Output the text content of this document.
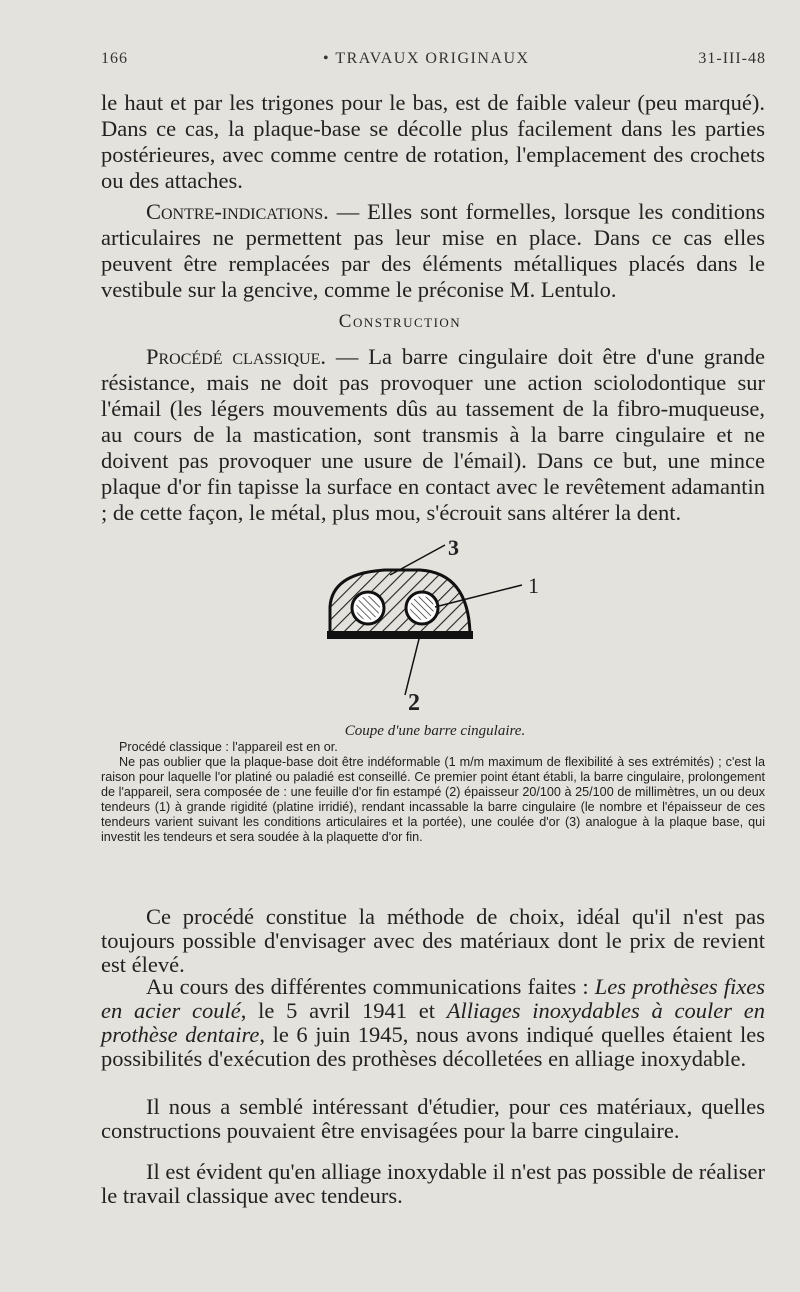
166	• TRAVAUX ORIGINAUX	31-III-48

le haut et par les trigones pour le bas, est de faible valeur (peu marqué). Dans ce cas, la plaque-base se décolle plus facilement dans les parties postérieures, avec comme centre de rotation, l'emplacement des crochets ou des attaches.

Contre-indications. — Elles sont formelles, lorsque les conditions articulaires ne permettent pas leur mise en place. Dans ce cas elles peuvent être remplacées par des éléments métalliques placés dans le vestibule sur la gencive, comme le préconise M. Lentulo.

Construction

Procédé classique. — La barre cingulaire doit être d'une grande résistance, mais ne doit pas provoquer une action sciolodontique sur l'émail (les légers mouvements dûs au tassement de la fibro-muqueuse, au cours de la mastication, sont transmis à la barre cingulaire et ne doivent pas provoquer une usure de l'émail). Dans ce but, une mince plaque d'or fin tapisse la surface en contact avec le revêtement adamantin ; de cette façon, le métal, plus mou, s'écrouit sans altérer la dent.

3
1
2
Coupe d'une barre cingulaire.

Procédé classique : l'appareil est en or.
Ne pas oublier que la plaque-base doit être indéformable (1 m/m maximum de flexibilité à ses extrémités) ; c'est la raison pour laquelle l'or platiné ou paladié est conseillé. Ce premier point étant établi, la barre cingulaire, prolongement de l'appareil, sera composée de : une feuille d'or fin estampé (2) épaisseur 20/100 à 25/100 de millimètres, un ou deux tendeurs (1) à grande rigidité (platine irridié), rendant incassable la barre cingulaire (le nombre et l'épaisseur de ces tendeurs varient suivant les conditions articulaires et la portée), une coulée d'or (3) analogue à la plaque base, qui investit les tendeurs et sera soudée à la plaquette d'or fin.

Ce procédé constitue la méthode de choix, idéal qu'il n'est pas toujours possible d'envisager avec des matériaux dont le prix de revient est élevé.

Au cours des différentes communications faites : Les prothèses fixes en acier coulé, le 5 avril 1941 et Alliages inoxydables à couler en prothèse dentaire, le 6 juin 1945, nous avons indiqué quelles étaient les possibilités d'exécution des prothèses décolletées en alliage inoxydable.

Il nous a semblé intéressant d'étudier, pour ces matériaux, quelles constructions pouvaient être envisagées pour la barre cingulaire.

Il est évident qu'en alliage inoxydable il n'est pas possible de réaliser le travail classique avec tendeurs.
